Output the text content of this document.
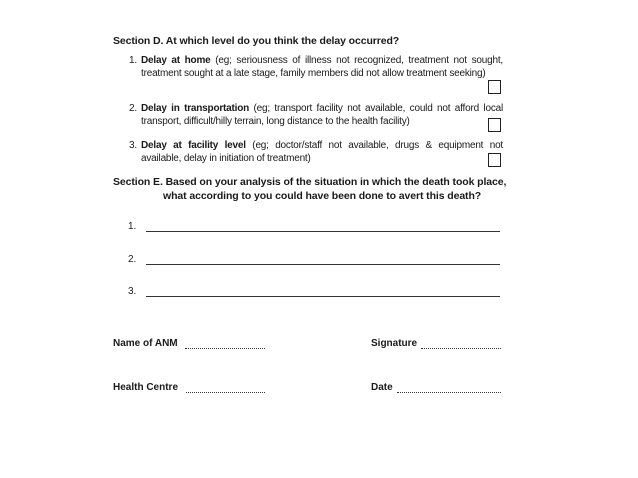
Section D. At which level do you think the delay occurred?
1. Delay at home (eg; seriousness of illness not recognized, treatment not sought, treatment sought at a late stage, family members did not allow treatment seeking)
2. Delay in transportation (eg; transport facility not available, could not afford local transport, difficult/hilly terrain, long distance to the health facility)
3. Delay at facility level (eg; doctor/staff not available, drugs & equipment not available, delay in initiation of treatment)
Section E. Based on your analysis of the situation in which the death took place,
what according to you could have been done to avert this death?
1.
2.
3.
Name of ANM	Signature
Health Centre	Date
